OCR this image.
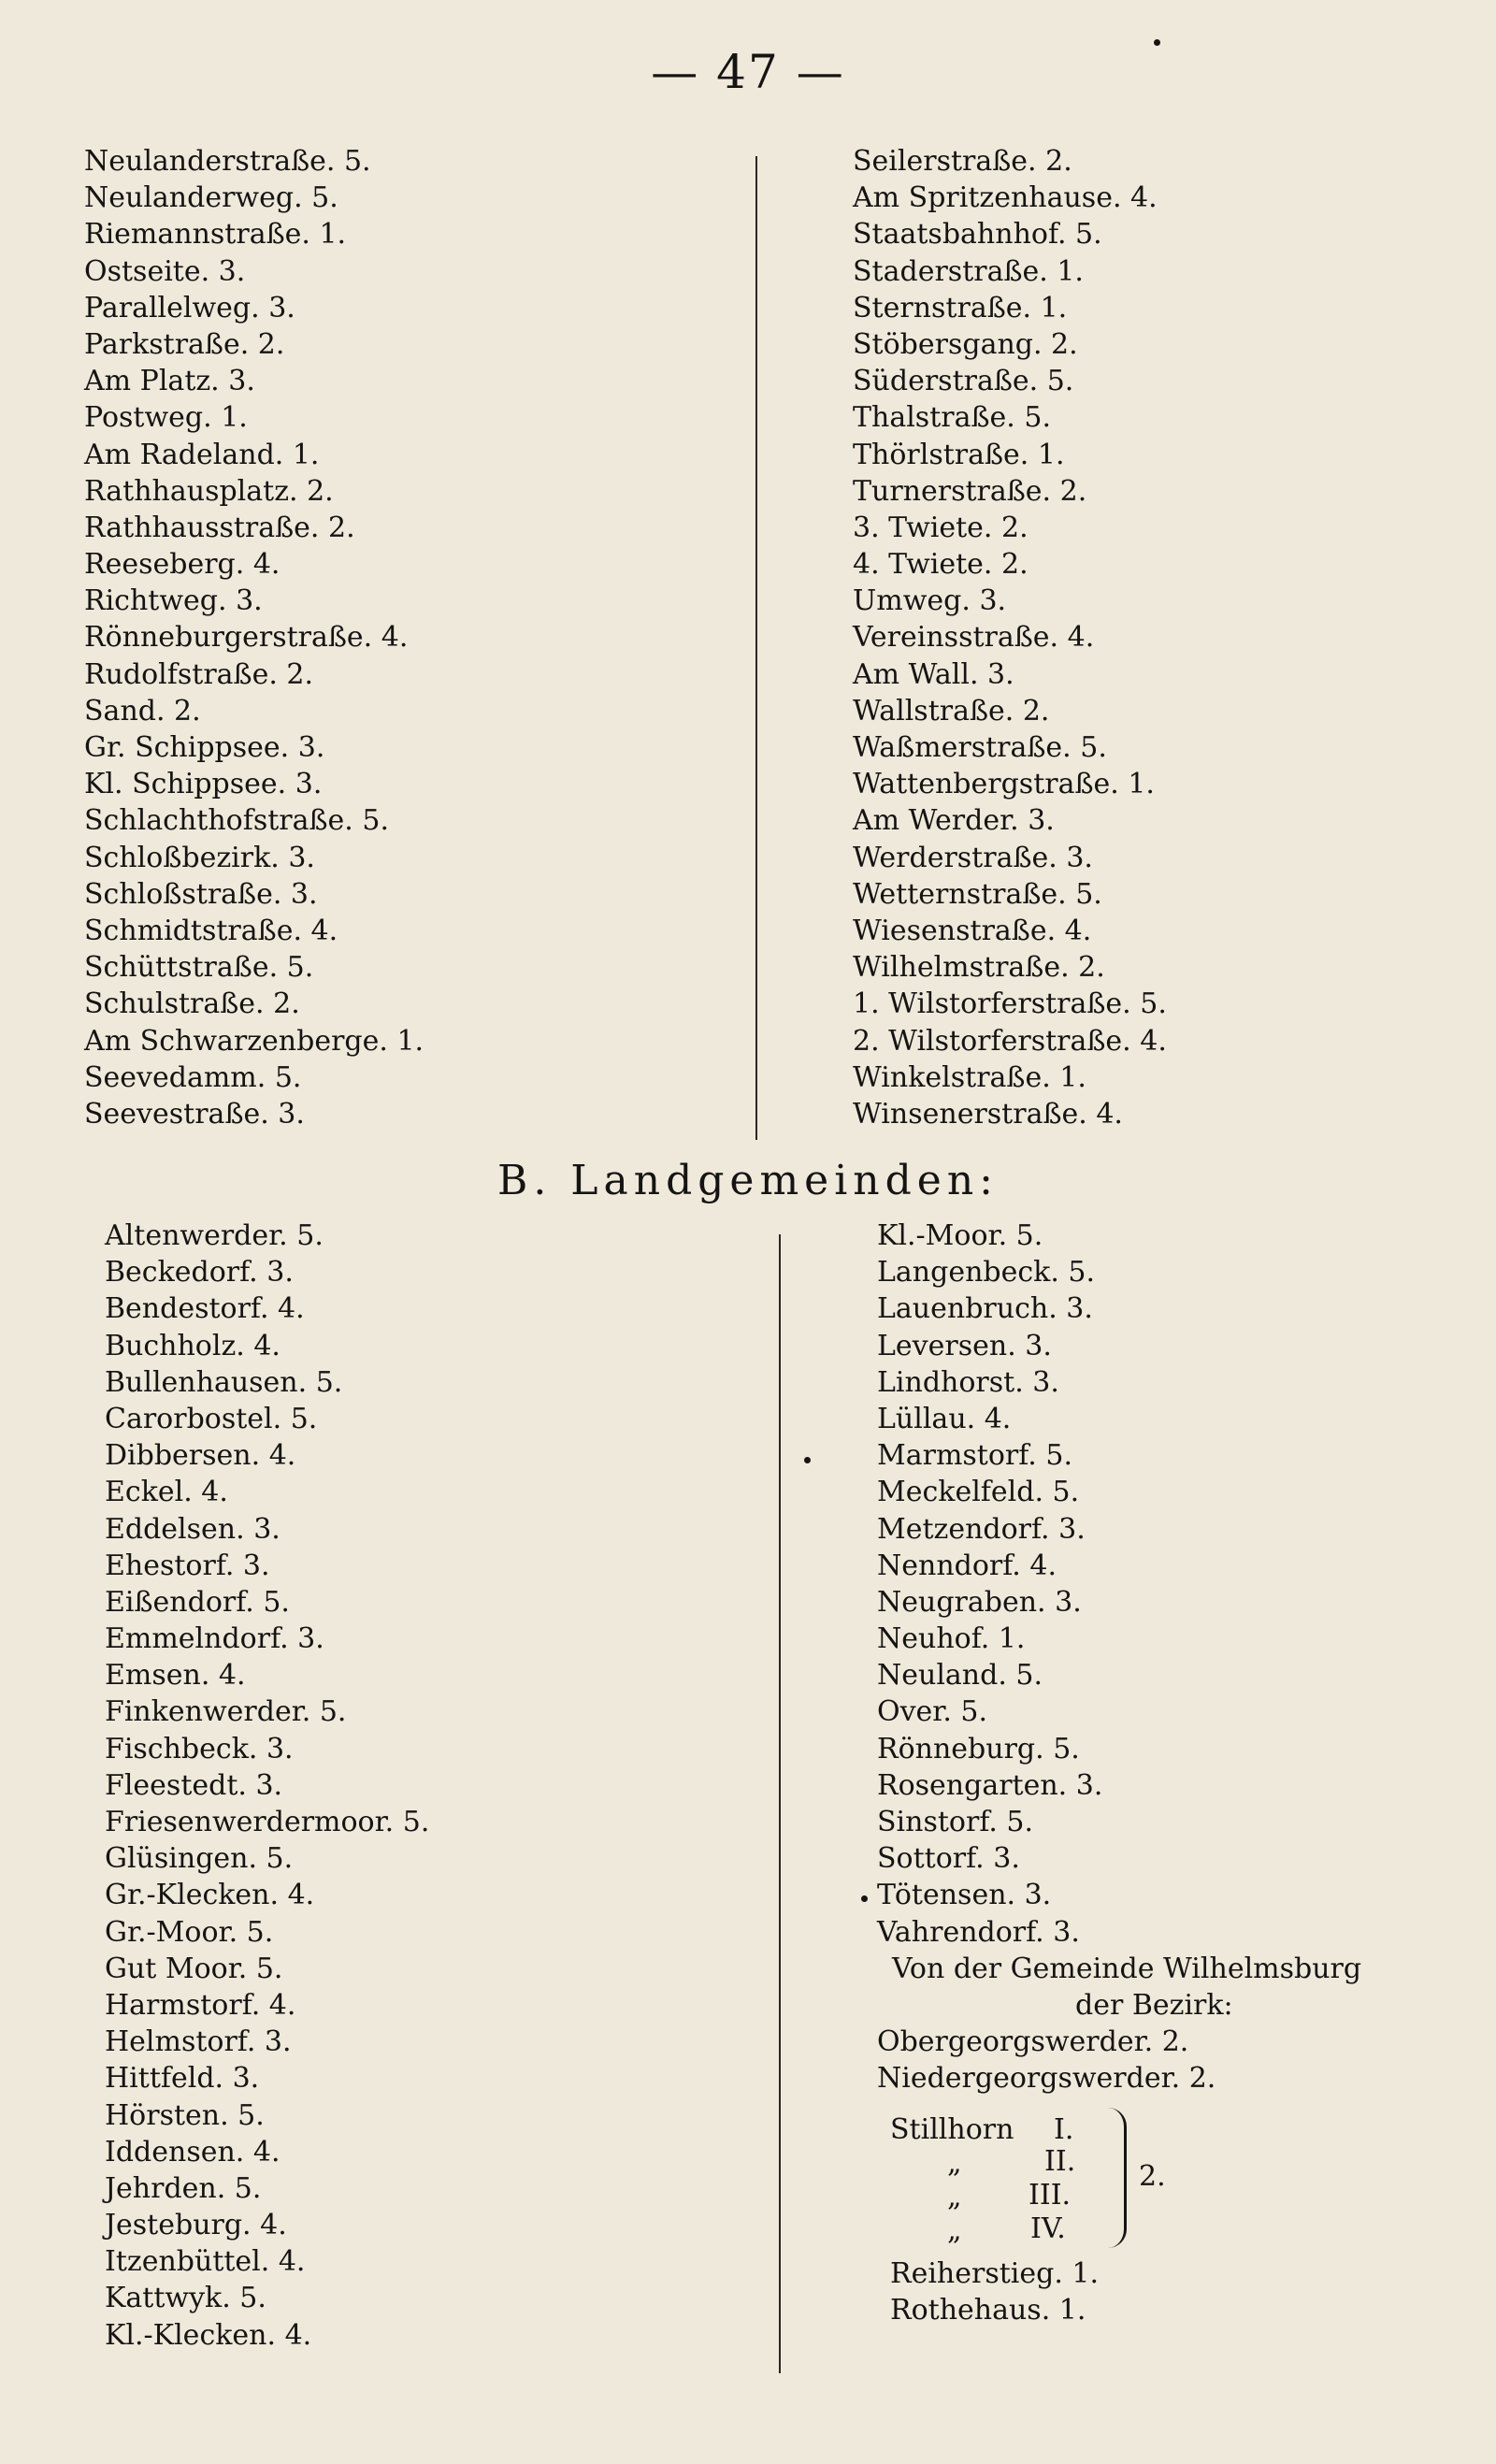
— 47 —
Neulanderstraße. 5.
Neulanderweg. 5.
Riemannstraße. 1.
Ostseite. 3.
Parallelweg. 3.
Parkstraße. 2.
Am Platz. 3.
Postweg. 1.
Am Radeland. 1.
Rathhausplatz. 2.
Rathhausstraße. 2.
Reeseberg. 4.
Richtweg. 3.
Rönneburgerstraße. 4.
Rudolfstraße. 2.
Sand. 2.
Gr. Schippsee. 3.
Kl. Schippsee. 3.
Schlachthofstraße. 5.
Schloßbezirk. 3.
Schloßstraße. 3.
Schmidtstraße. 4.
Schüttstraße. 5.
Schulstraße. 2.
Am Schwarzenberge. 1.
Seevedamm. 5.
Seevestraße. 3.
Seilerstraße. 2.
Am Spritzenhause. 4.
Staatsbahnhof. 5.
Staderstraße. 1.
Sternstraße. 1.
Stöbersgang. 2.
Süderstraße. 5.
Thalstraße. 5.
Thörlstraße. 1.
Turnerstraße. 2.
3. Twiete. 2.
4. Twiete. 2.
Umweg. 3.
Vereinsstraße. 4.
Am Wall. 3.
Wallstraße. 2.
Waßmerstraße. 5.
Wattenbergstraße. 1.
Am Werder. 3.
Werderstraße. 3.
Wetternstraße. 5.
Wiesenstraße. 4.
Wilhelmstraße. 2.
1. Wilstorferstraße. 5.
2. Wilstorferstraße. 4.
Winkelstraße. 1.
Winsenerstraße. 4.
B. Landgemeinden:
Altenwerder. 5.
Beckedorf. 3.
Bendestorf. 4.
Buchholz. 4.
Bullenhausen. 5.
Carorbostel. 5.
Dibbersen. 4.
Eckel. 4.
Eddelsen. 3.
Ehestorf. 3.
Eißendorf. 5.
Emmelndorf. 3.
Emsen. 4.
Finkenwerder. 5.
Fischbeck. 3.
Fleestedt. 3.
Friesenwerdermoor. 5.
Glüsingen. 5.
Gr.-Klecken. 4.
Gr.-Moor. 5.
Gut Moor. 5.
Harmstorf. 4.
Helmstorf. 3.
Hittfeld. 3.
Hörsten. 5.
Iddensen. 4.
Jehrden. 5.
Jesteburg. 4.
Itzenbüttel. 4.
Kattwyk. 5.
Kl.-Klecken. 4.
Kl.-Moor. 5.
Langenbeck. 5.
Lauenbruch. 3.
Leversen. 3.
Lindhorst. 3.
Lüllau. 4.
Marmstorf. 5.
Meckelfeld. 5.
Metzendorf. 3.
Nenndorf. 4.
Neugraben. 3.
Neuhof. 1.
Neuland. 5.
Over. 5.
Rönneburg. 5.
Rosengarten. 3.
Sinstorf. 5.
Sottorf. 3.
Tötensen. 3.
Vahrendorf. 3.
Von der Gemeinde Wilhelmsburg
der Bezirk:
Obergeorgswerder. 2.
Niedergeorgswerder. 2.
Stillhorn I.
„	II.
„ III.
„ IV.
2.
Reiherstieg. 1.
Rothehaus. 1.
